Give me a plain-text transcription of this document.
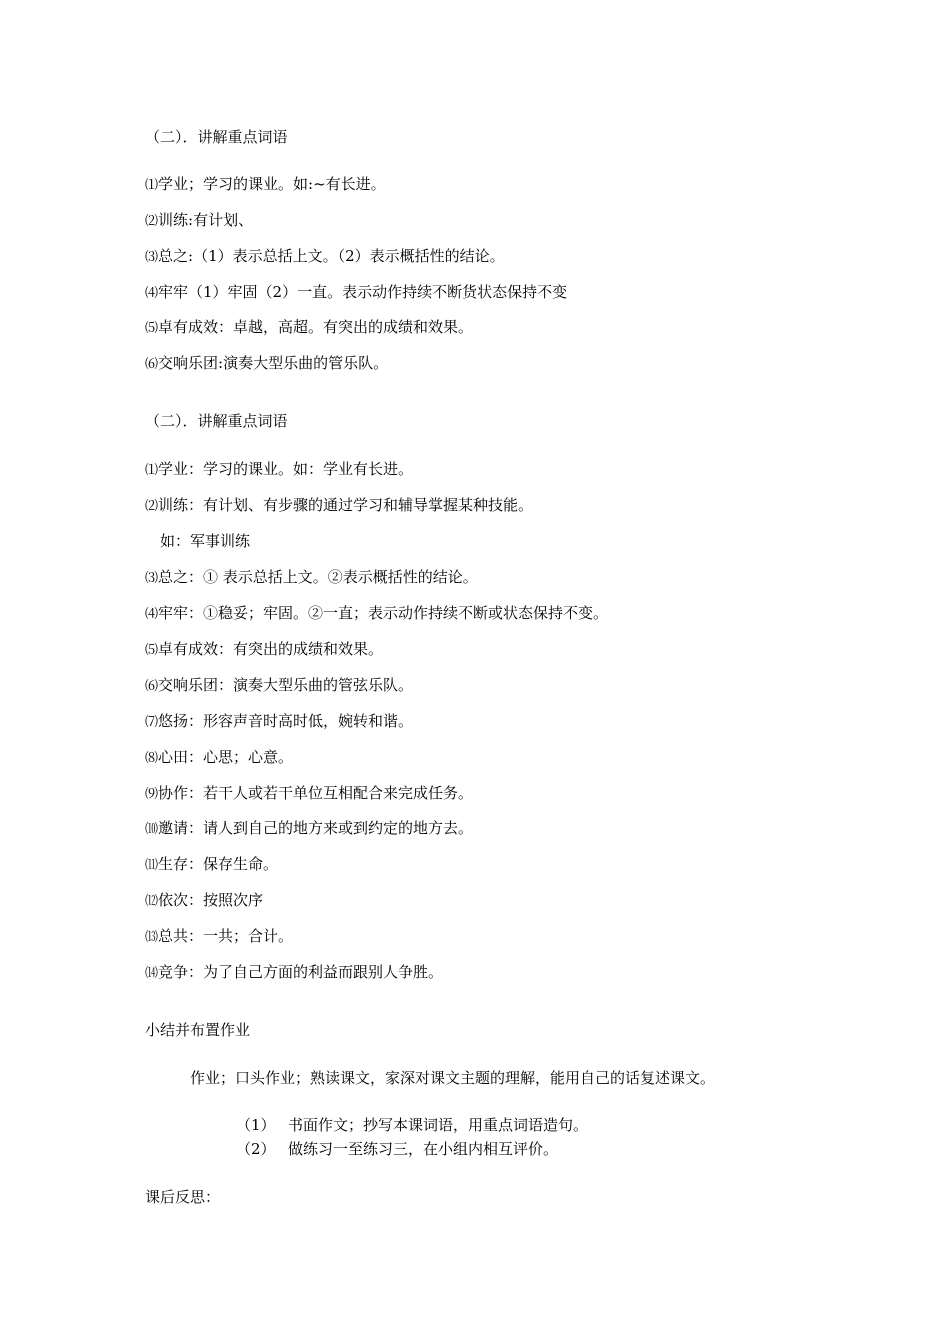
（二）．讲解重点词语
⑴学业；学习的课业。如:~有长进。
⑵训练:有计划、
⑶总之:（1）表示总括上文。（2）表示概括性的结论。
⑷牢牢（1）牢固（2）一直。表示动作持续不断货状态保持不变
⑸卓有成效：卓越，高超。有突出的成绩和效果。
⑹交响乐团:演奏大型乐曲的管乐队。
（二）．讲解重点词语
⑴学业：学习的课业。如：学业有长进。
⑵训练：有计划、有步骤的通过学习和辅导掌握某种技能。
如：军事训练
⑶总之：① 表示总括上文。②表示概括性的结论。
⑷牢牢：①稳妥；牢固。②一直；表示动作持续不断或状态保持不变。
⑸卓有成效：有突出的成绩和效果。
⑹交响乐团：演奏大型乐曲的管弦乐队。
⑺悠扬：形容声音时高时低，婉转和谐。
⑻心田：心思；心意。
⑼协作：若干人或若干单位互相配合来完成任务。
⑽邀请：请人到自己的地方来或到约定的地方去。
⑾生存：保存生命。
⑿依次：按照次序
⒀总共：一共；合计。
⒁竞争：为了自己方面的利益而跟别人争胜。
小结并布置作业
作业；口头作业；熟读课文，家深对课文主题的理解，能用自己的话复述课文。
（1） 书面作文；抄写本课词语，用重点词语造句。
（2） 做练习一至练习三，在小组内相互评价。
课后反思：
